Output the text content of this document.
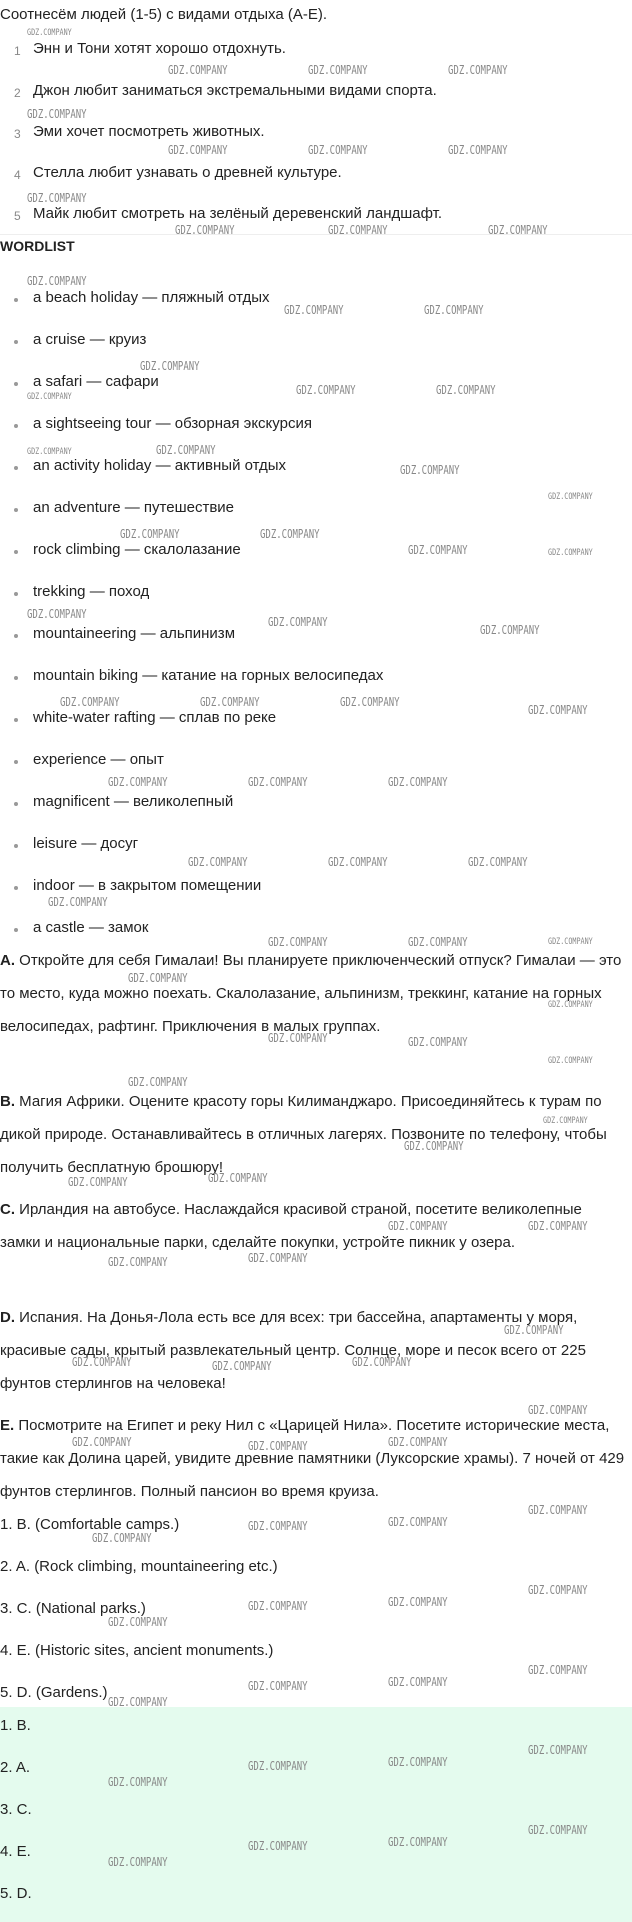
Соотнесём людей (1-5) с видами отдыха (А-Е).
1 Энн и Тони хотят хорошо отдохнуть.
2 Джон любит заниматься экстремальными видами спорта.
3 Эми хочет посмотреть животных.
4 Стелла любит узнавать о древней культуре.
5 Майк любит смотреть на зелёный деревенский ландшафт.
WORDLIST
a beach holiday — пляжный отдых
a cruise — круиз
a safari — сафари
a sightseeing tour — обзорная экскурсия
an activity holiday — активный отдых
an adventure — путешествие
rock climbing — скалолазание
trekking — поход
mountaineering — альпинизм
mountain biking — катание на горных велосипедах
white-water rafting — сплав по реке
experience — опыт
magnificent — великолепный
leisure — досуг
indoor — в закрытом помещении
a castle — замок
A. Откройте для себя Гималаи! Вы планируете приключенческий отпуск? Гималаи — это то место, куда можно поехать. Скалолазание, альпинизм, треккинг, катание на горных велосипедах, рафтинг. Приключения в малых группах.
B. Магия Африки. Оцените красоту горы Килиманджаро. Присоединяйтесь к турам по дикой природе. Останавливайтесь в отличных лагерях. Позвоните по телефону, чтобы получить бесплатную брошюру!
C. Ирландия на автобусе. Наслаждайся красивой страной, посетите великолепные замки и национальные парки, сделайте покупки, устройте пикник у озера.
D. Испания. На Донья-Лола есть все для всех: три бассейна, апартаменты у моря, красивые сады, крытый развлекательный центр. Солнце, море и песок всего от 225 фунтов стерлингов на человека!
E. Посмотрите на Египет и реку Нил с «Царицей Нила». Посетите исторические места, такие как Долина царей, увидите древние памятники (Луксорские храмы). 7 ночей от 429 фунтов стерлингов. Полный пансион во время круиза.
1. B. (Comfortable camps.)
2. A. (Rock climbing, mountaineering etc.)
3. C. (National parks.)
4. E. (Historic sites, ancient monuments.)
5. D. (Gardens.)
1. B.
2. A.
3. C.
4. E.
5. D.
GDZ.COMPANY
GDZ.COMPANY	GDZ.COMPANY	GDZ.COMPANY
GDZ.COMPANY
GDZ.COMPANY	GDZ.COMPANY	GDZ.COMPANY
GDZ.COMPANY
GDZ.COMPANY	GDZ.COMPANY	GDZ.COMPANY
GDZ.COMPANY
GDZ.COMPANY	GDZ.COMPANY
GDZ.COMPANY
GDZ.COMPANY	GDZ.COMPANY	GDZ.COMPANY
GDZ.COMPANY	GDZ.COMPANY
GDZ.COMPANY
GDZ.COMPANY
GDZ.COMPANY	GDZ.COMPANY
GDZ.COMPANY	GDZ.COMPANY
GDZ.COMPANY
GDZ.COMPANY
GDZ.COMPANY
GDZ.COMPANY	GDZ.COMPANY	GDZ.COMPANY
GDZ.COMPANY
GDZ.COMPANY	GDZ.COMPANY	GDZ.COMPANY
GDZ.COMPANY	GDZ.COMPANY	GDZ.COMPANY
GDZ.COMPANY
GDZ.COMPANY	GDZ.COMPANY	GDZ.COMPANY
GDZ.COMPANY
GDZ.COMPANY
GDZ.COMPANY	GDZ.COMPANY
GDZ.COMPANY
GDZ.COMPANY
GDZ.COMPANY
GDZ.COMPANY
GDZ.COMPANY	GDZ.COMPANY
GDZ.COMPANY	GDZ.COMPANY
GDZ.COMPANY	GDZ.COMPANY
GDZ.COMPANY
GDZ.COMPANY	GDZ.COMPANY	GDZ.COMPANY
GDZ.COMPANY
GDZ.COMPANY	GDZ.COMPANY	GDZ.COMPANY
GDZ.COMPANY
GDZ.COMPANY	GDZ.COMPANY
GDZ.COMPANY
GDZ.COMPANY
GDZ.COMPANY	GDZ.COMPANY
GDZ.COMPANY
GDZ.COMPANY
GDZ.COMPANY	GDZ.COMPANY
GDZ.COMPANY
GDZ.COMPANY
GDZ.COMPANY	GDZ.COMPANY
GDZ.COMPANY
GDZ.COMPANY
GDZ.COMPANY	GDZ.COMPANY
GDZ.COMPANY
